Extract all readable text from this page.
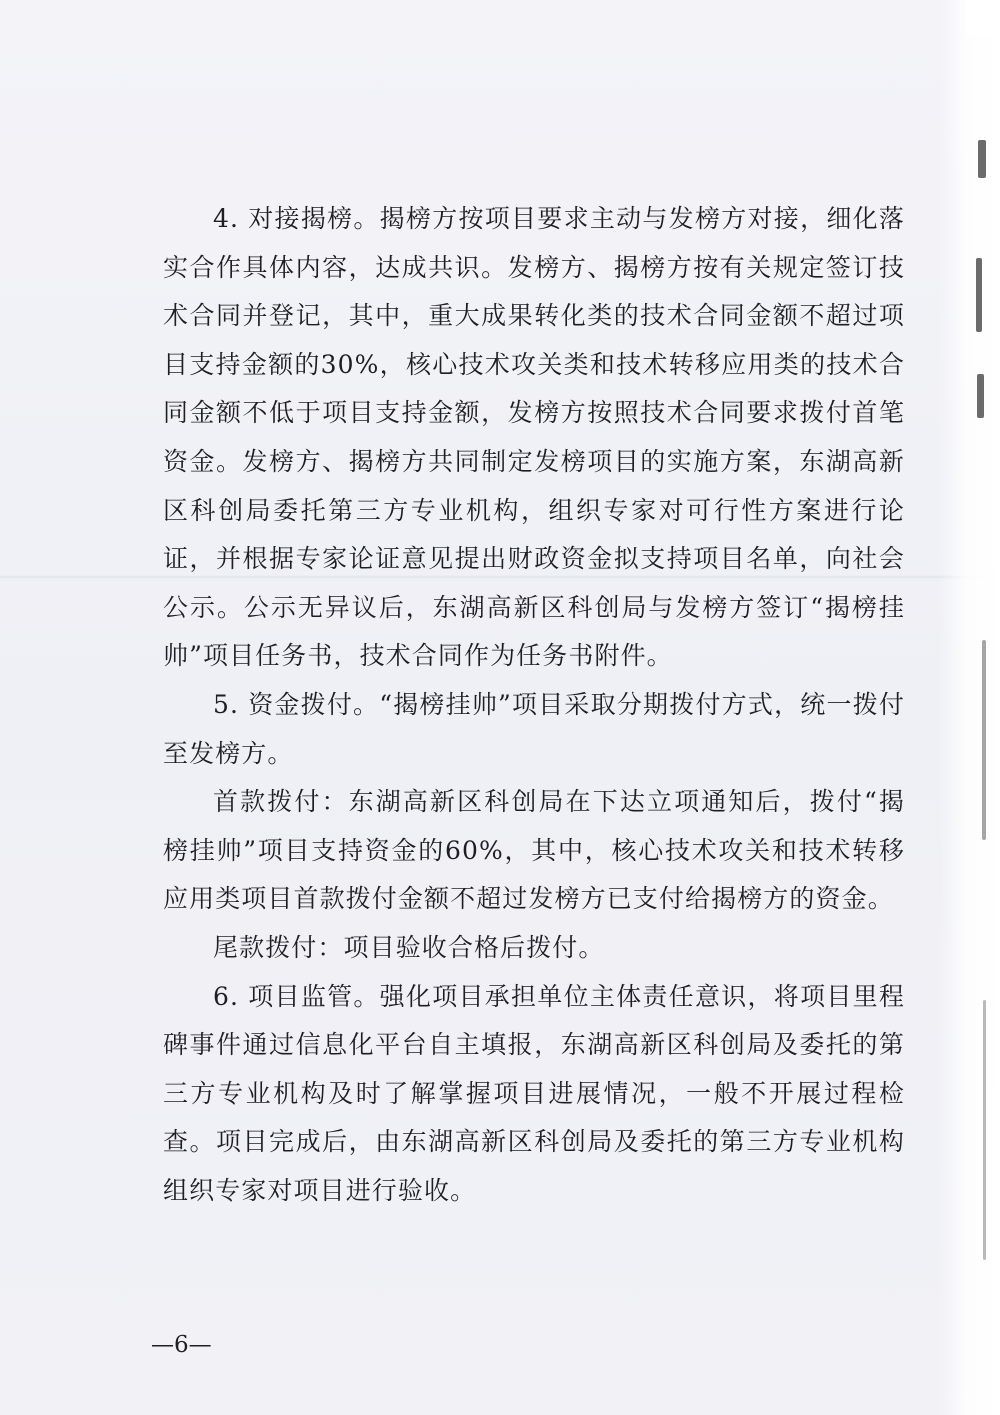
4. 对接揭榜。揭榜方按项目要求主动与发榜方对接，细化落实合作具体内容，达成共识。发榜方、揭榜方按有关规定签订技术合同并登记，其中，重大成果转化类的技术合同金额不超过项目支持金额的30%，核心技术攻关类和技术转移应用类的技术合同金额不低于项目支持金额，发榜方按照技术合同要求拨付首笔资金。发榜方、揭榜方共同制定发榜项目的实施方案，东湖高新区科创局委托第三方专业机构，组织专家对可行性方案进行论证，并根据专家论证意见提出财政资金拟支持项目名单，向社会公示。公示无异议后，东湖高新区科创局与发榜方签订“揭榜挂帅”项目任务书，技术合同作为任务书附件。

5. 资金拨付。“揭榜挂帅”项目采取分期拨付方式，统一拨付至发榜方。

首款拨付：东湖高新区科创局在下达立项通知后，拨付“揭榜挂帅”项目支持资金的60%，其中，核心技术攻关和技术转移应用类项目首款拨付金额不超过发榜方已支付给揭榜方的资金。

尾款拨付：项目验收合格后拨付。

6. 项目监管。强化项目承担单位主体责任意识，将项目里程碑事件通过信息化平台自主填报，东湖高新区科创局及委托的第三方专业机构及时了解掌握项目进展情况，一般不开展过程检查。项目完成后，由东湖高新区科创局及委托的第三方专业机构组织专家对项目进行验收。

—6—
